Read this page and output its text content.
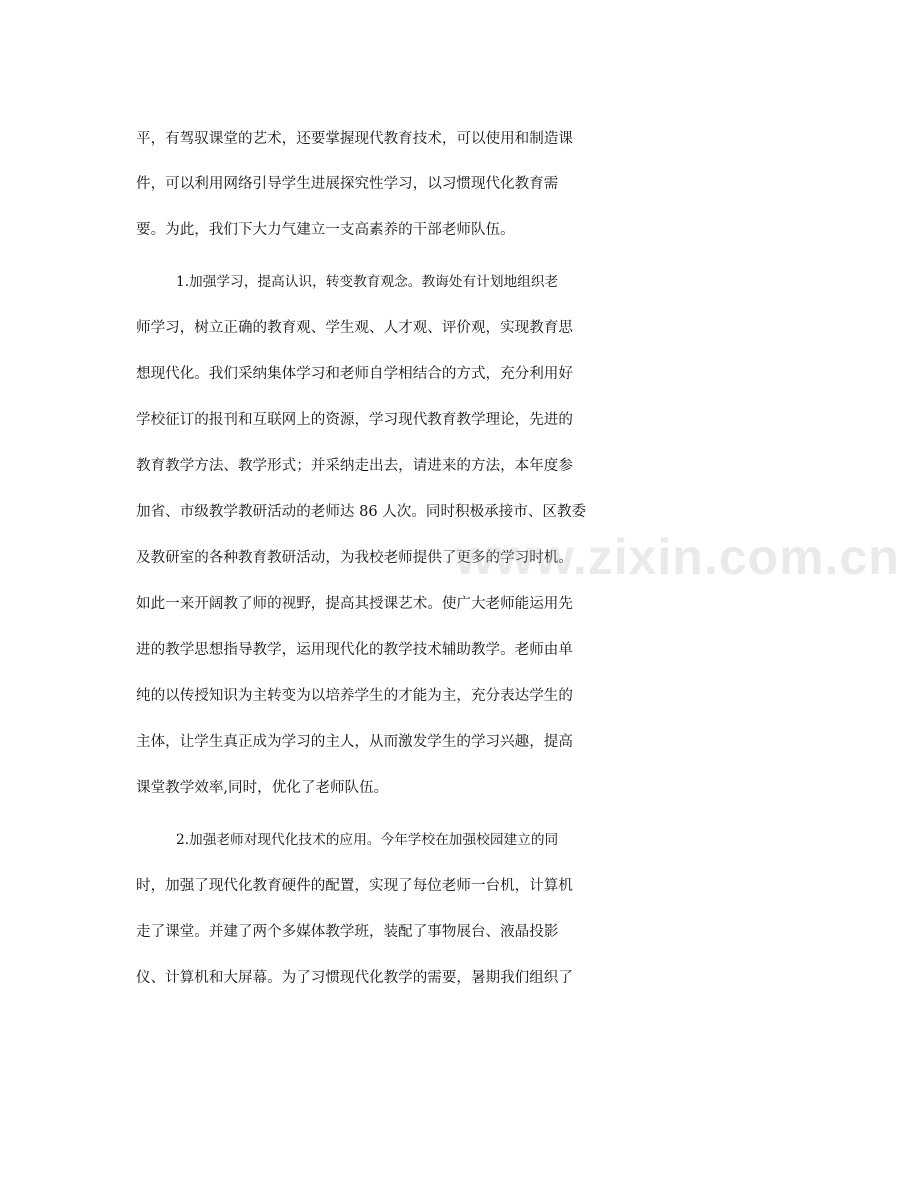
平，有驾驭课堂的艺术，还要掌握现代教育技术，可以使用和制造课
件，可以利用网络引导学生进展探究性学习，以习惯现代化教育需
要。为此，我们下大力气建立一支高素养的干部老师队伍。
1.加强学习，提高认识，转变教育观念。教诲处有计划地组织老
师学习，树立正确的教育观、学生观、人才观、评价观，实现教育思
想现代化。我们采纳集体学习和老师自学相结合的方式，充分利用好
学校征订的报刊和互联网上的资源，学习现代教育教学理论，先进的
教育教学方法、教学形式；并采纳走出去，请进来的方法，本年度参
加省、市级教学教研活动的老师达 86 人次。同时积极承接市、区教委
及教研室的各种教育教研活动，为我校老师提供了更多的学习时机。
如此一来开阔教了师的视野，提高其授课艺术。使广大老师能运用先
进的教学思想指导教学，运用现代化的教学技术辅助教学。老师由单
纯的以传授知识为主转变为以培养学生的才能为主，充分表达学生的
主体，让学生真正成为学习的主人，从而激发学生的学习兴趣，提高
课堂教学效率,同时，优化了老师队伍。
2.加强老师对现代化技术的应用。今年学校在加强校园建立的同
时，加强了现代化教育硬件的配置，实现了每位老师一台机，计算机
走了课堂。并建了两个多媒体教学班，装配了事物展台、液晶投影
仪、计算机和大屏幕。为了习惯现代化教学的需要，暑期我们组织了
www.zixin.com.cn
